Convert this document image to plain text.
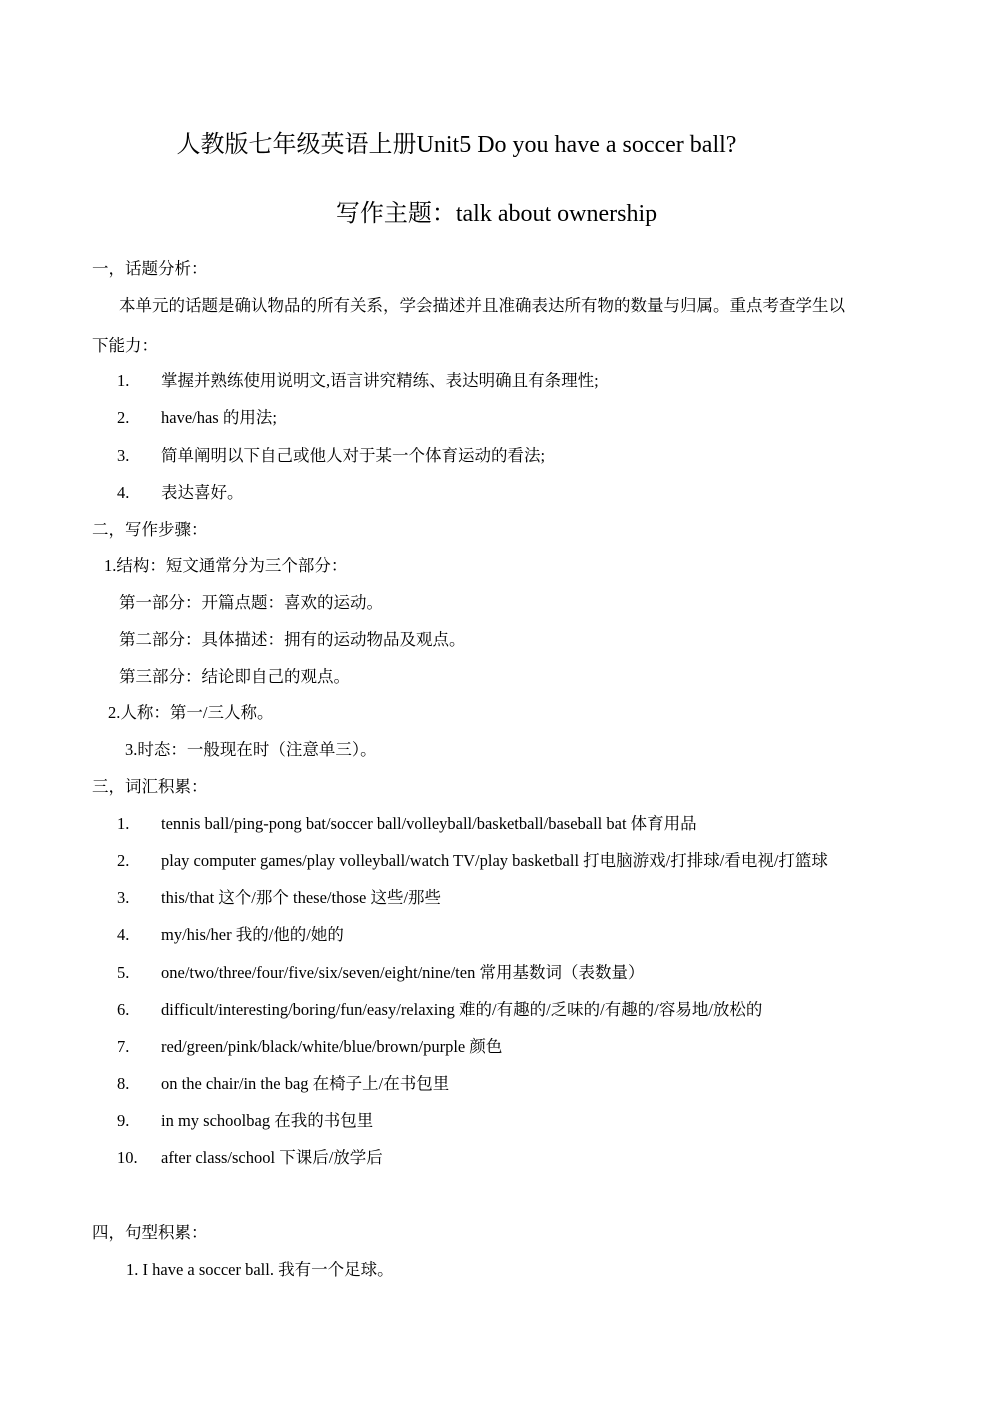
人教版七年级英语上册Unit5 Do you have a soccer ball?
写作主题：talk about ownership
一，话题分析：
本单元的话题是确认物品的所有关系，学会描述并且准确表达所有物的数量与归属。重点考查学生以
下能力：
1. 掌握并熟练使用说明文,语言讲究精练、表达明确且有条理性;
2. have/has 的用法;
3. 简单阐明以下自己或他人对于某一个体育运动的看法;
4. 表达喜好。
二，写作步骤：
1.结构：短文通常分为三个部分：
第一部分：开篇点题：喜欢的运动。
第二部分：具体描述：拥有的运动物品及观点。
第三部分：结论即自己的观点。
2.人称：第一/三人称。
3.时态：一般现在时（注意单三）。
三，词汇积累：
1. tennis ball/ping-pong bat/soccer ball/volleyball/basketball/baseball bat 体育用品
2. play computer games/play volleyball/watch TV/play basketball 打电脑游戏/打排球/看电视/打篮球
3. this/that 这个/那个 these/those 这些/那些
4. my/his/her 我的/他的/她的
5. one/two/three/four/five/six/seven/eight/nine/ten 常用基数词（表数量）
6. difficult/interesting/boring/fun/easy/relaxing 难的/有趣的/乏味的/有趣的/容易地/放松的
7. red/green/pink/black/white/blue/brown/purple 颜色
8. on the chair/in the bag 在椅子上/在书包里
9. in my schoolbag 在我的书包里
10. after class/school 下课后/放学后
四，句型积累：
1. I have a soccer ball. 我有一个足球。
